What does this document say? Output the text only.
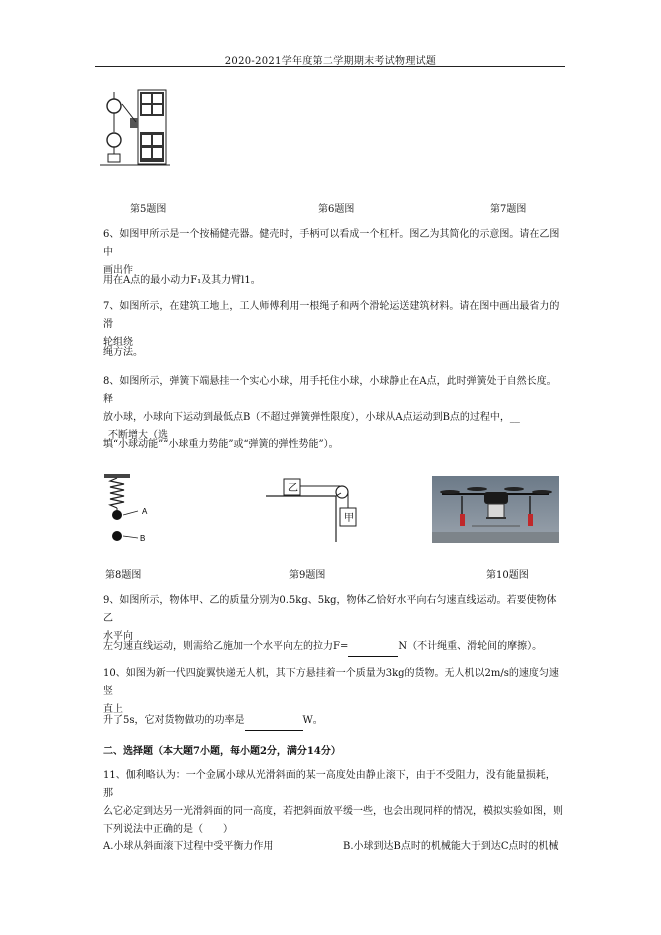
2020-2021学年度第二学期期末考试物理试题
第5题图	第6题图	第7题图
6、如图甲所示是一个按桶健壳器。健壳时，手柄可以看成一个杠杆。图乙为其简化的示意图。请在乙图中
画出作
用在A点的最小动力F₁及其力臂l1。
7、如图所示，在建筑工地上，工人师傅利用一根绳子和两个滑轮运送建筑材料。请在图中画出最省力的滑
轮组绕
绳方法。
8、如图所示，弹簧下端悬挂一个实心小球，用手托住小球，小球静止在A点，此时弹簧处于自然长度。释
放小球，小球向下运动到最低点B（不超过弹簧弹性限度），小球从A点运动到B点的过程中，__
_不断增大（选
填“小球动能”“小球重力势能”或“弹簧的弹性势能”）。
A
B
乙
甲
第8题图	第9题图	第10题图
9、如图所示，物体甲、乙的质量分别为0.5kg、5kg，物体乙恰好水平向右匀速直线运动。若要使物体乙
水平向
左匀速直线运动，则需给乙施加一个水平向左的拉力F=	N（不计绳重、滑轮间的摩擦）。
10、如图为新一代四旋翼快递无人机，其下方悬挂着一个质量为3kg的货物。无人机以2m/s的速度匀速竖
直上
升了5s，它对货物做功的功率是	W。
二、选择题（本大题7小题，每小题2分，满分14分）
11、伽利略认为：一个金属小球从光滑斜面的某一高度处由静止滚下，由于不受阻力，没有能量损耗，那
么它必定到达另一光滑斜面的同一高度，若把斜面放平缓一些，也会出现同样的情况，模拟实验如图，则
下列说法中正确的是（　　）
A.小球从斜面滚下过程中受平衡力作用	B.小球到达B点时的机械能大于到达C点时的机械
